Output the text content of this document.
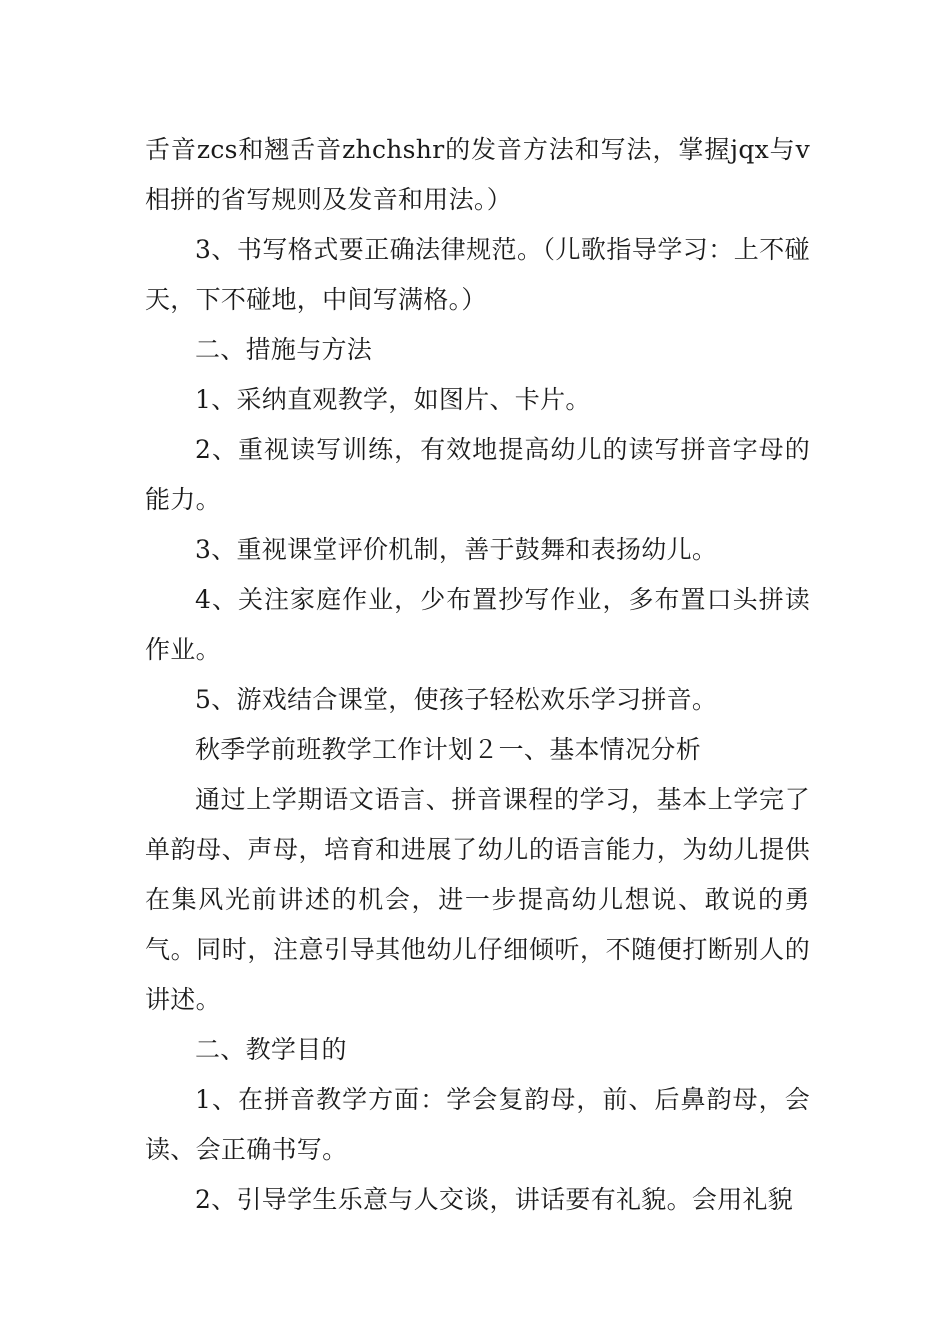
舌音zcs和翘舌音zhchshr的发音方法和写法，掌握jqx与v相拼的省写规则及发音和用法。）

3、书写格式要正确法律规范。（儿歌指导学习：上不碰天，下不碰地，中间写满格。）

二、措施与方法

1、采纳直观教学，如图片、卡片。

2、重视读写训练，有效地提高幼儿的读写拼音字母的能力。

3、重视课堂评价机制，善于鼓舞和表扬幼儿。

4、关注家庭作业，少布置抄写作业，多布置口头拼读作业。

5、游戏结合课堂，使孩子轻松欢乐学习拼音。

秋季学前班教学工作计划２一、基本情况分析

通过上学期语文语言、拼音课程的学习，基本上学完了单韵母、声母，培育和进展了幼儿的语言能力，为幼儿提供在集风光前讲述的机会，进一步提高幼儿想说、敢说的勇气。同时，注意引导其他幼儿仔细倾听，不随便打断别人的讲述。

二、教学目的

1、在拼音教学方面：学会复韵母，前、后鼻韵母，会读、会正确书写。

2、引导学生乐意与人交谈，讲话要有礼貌。会用礼貌
